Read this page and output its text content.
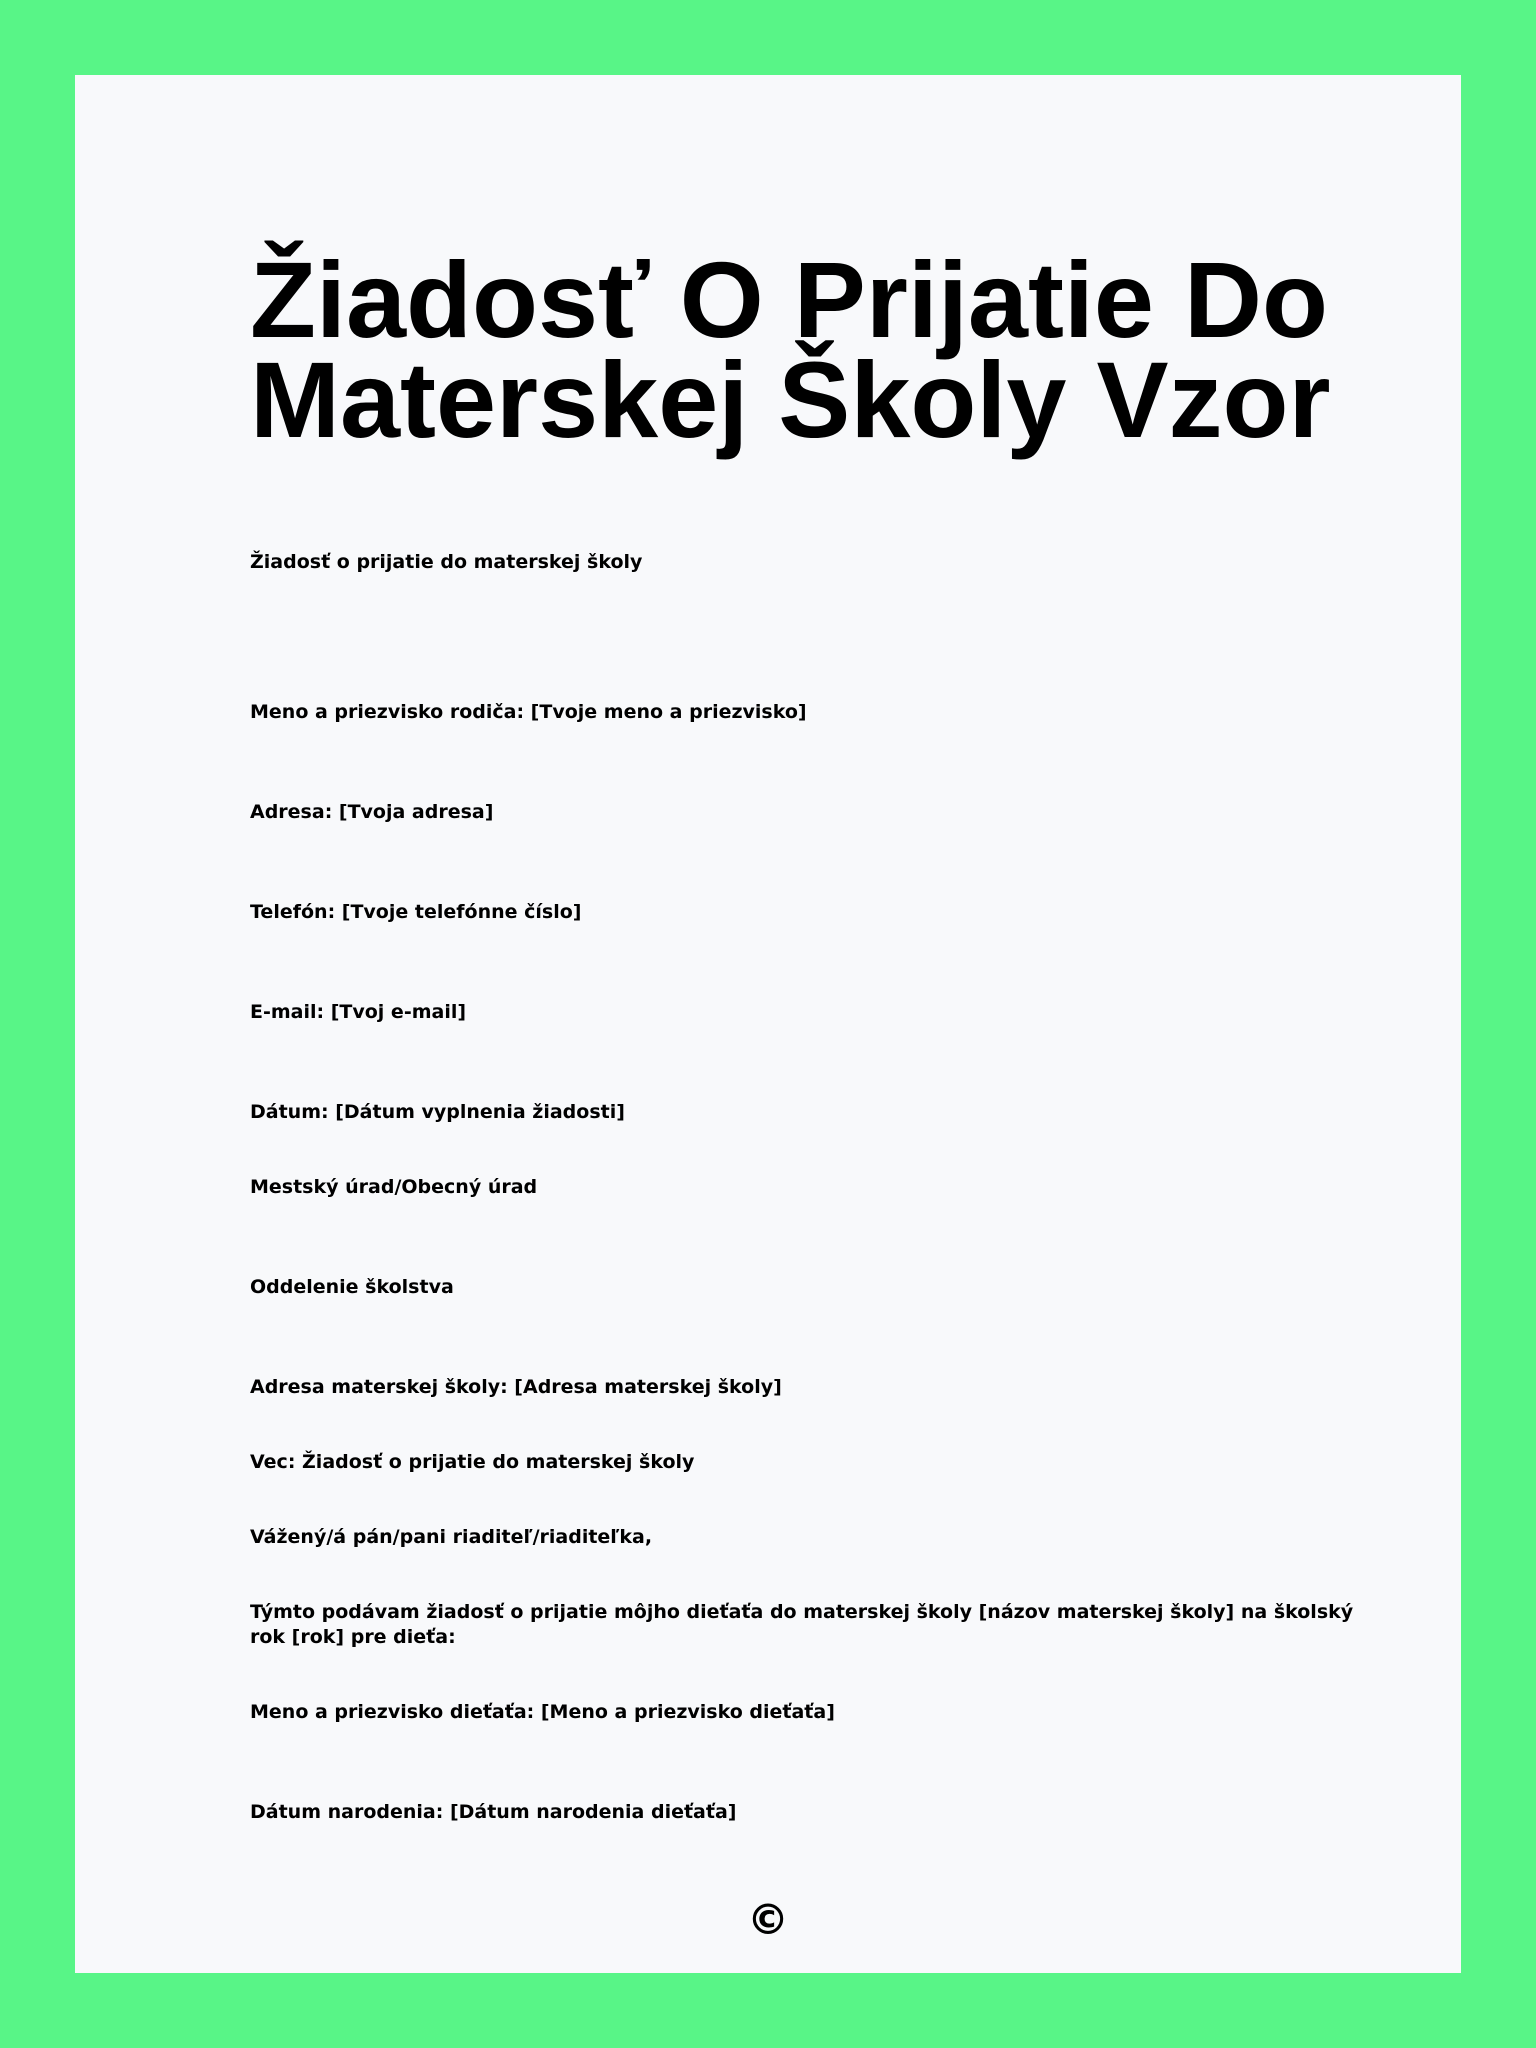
Žiadosť O Prijatie Do Materskej Školy Vzor

Žiadosť o prijatie do materskej školy

Meno a priezvisko rodiča: [Tvoje meno a priezvisko]

Adresa: [Tvoja adresa]

Telefón: [Tvoje telefónne číslo]

E-mail: [Tvoj e-mail]

Dátum: [Dátum vyplnenia žiadosti]

Mestský úrad/Obecný úrad

Oddelenie školstva

Adresa materskej školy: [Adresa materskej školy]

Vec: Žiadosť o prijatie do materskej školy

Vážený/á pán/pani riaditeľ/riaditeľka,

Týmto podávam žiadosť o prijatie môjho dieťaťa do materskej školy [názov materskej školy] na školský rok [rok] pre dieťa:

Meno a priezvisko dieťaťa: [Meno a priezvisko dieťaťa]

Dátum narodenia: [Dátum narodenia dieťaťa]

©
